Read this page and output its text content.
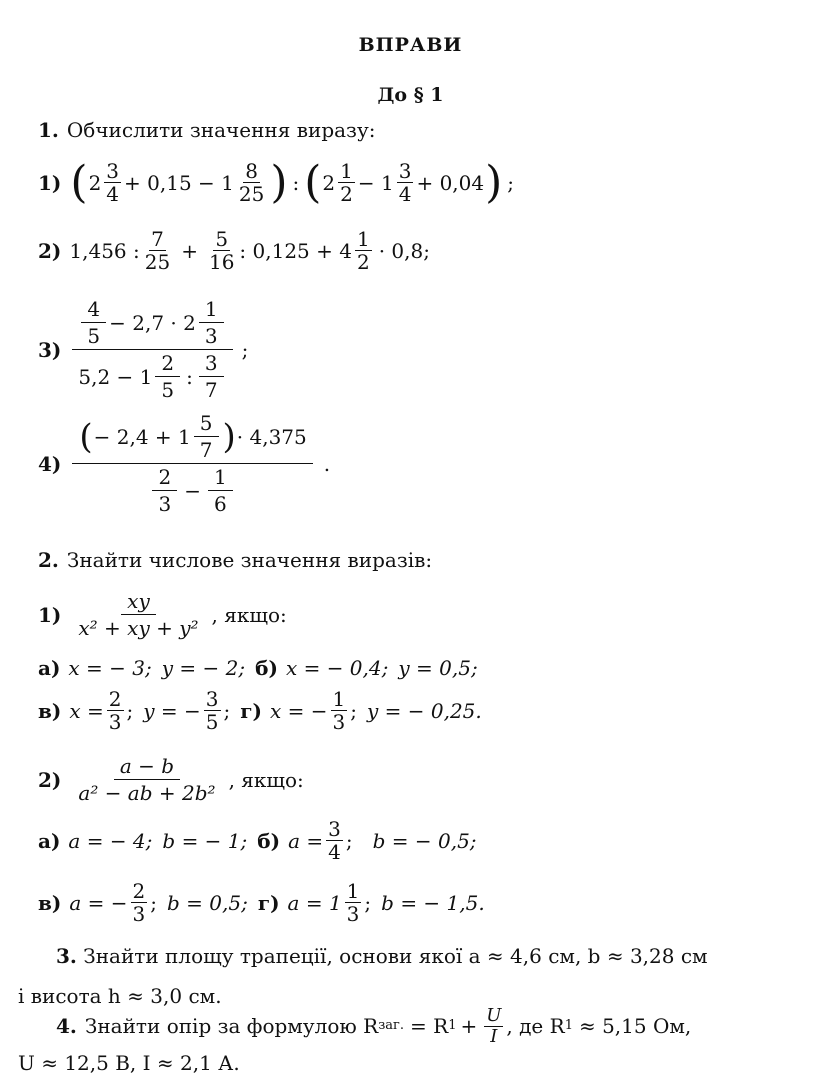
ВПРАВИ
До § 1
1. Обчислити значення виразу:
1) ( $2 \frac{3}{4} + 0,15 - 1 \frac{8}{25}$ ) : ( $2 \frac{1}{2} - 1 \frac{3}{4} + 0,04$ ) ;
2) 1,456 : $\frac{7}{25} + \frac{5}{16}$ : $0,125 + 4 \frac{1}{2} \cdot 0,8$;
$3) \frac{\frac{4}{5} - 2,7 \cdot 2 \frac{1}{3}}{5,2 - 1 \frac{2}{5} : \frac{3}{7}}$ ;
$4) \frac{( - 2,4 + 1 \frac{5}{7} ) \cdot 4,375}{\frac{2}{3} - \frac{1}{6}}$ .
2. Знайти числове значення виразів:
$1) \frac{xy}{\text{x² + xy + y²}}$ , якщо:
а) x = − 3; y = − 2; б) x = − 0,4; y = 0,5;
в) $x = \frac{2}{3}$ ; y = − $\frac{3}{5}$ ; г) x = − $\frac{1}{3}$ ; y = − 0,25.
$2) \frac{a - b}{\text{a² − ab + 2b²}}$ , якщо:
а) a = − 4; b = − 1; б) $a = \frac{3}{4}$ ; b = − 0,5;
в) a = − $\frac{2}{3}$ ; b = 0,5; г) $a = 1 \frac{1}{3}$ ; b = − 1,5.
3. Знайти площу трапеції, основи якої a ≈ 4,6 см, b ≈ 3,28 см
і висота h ≈ 3,0 см.
4. Знайти опір за формулою R заг. = R $1 + \frac{U}{I}$ , де R 1 ≈ 5,15 Ом,
U ≈ 12,5 В, I ≈ 2,1 А.
